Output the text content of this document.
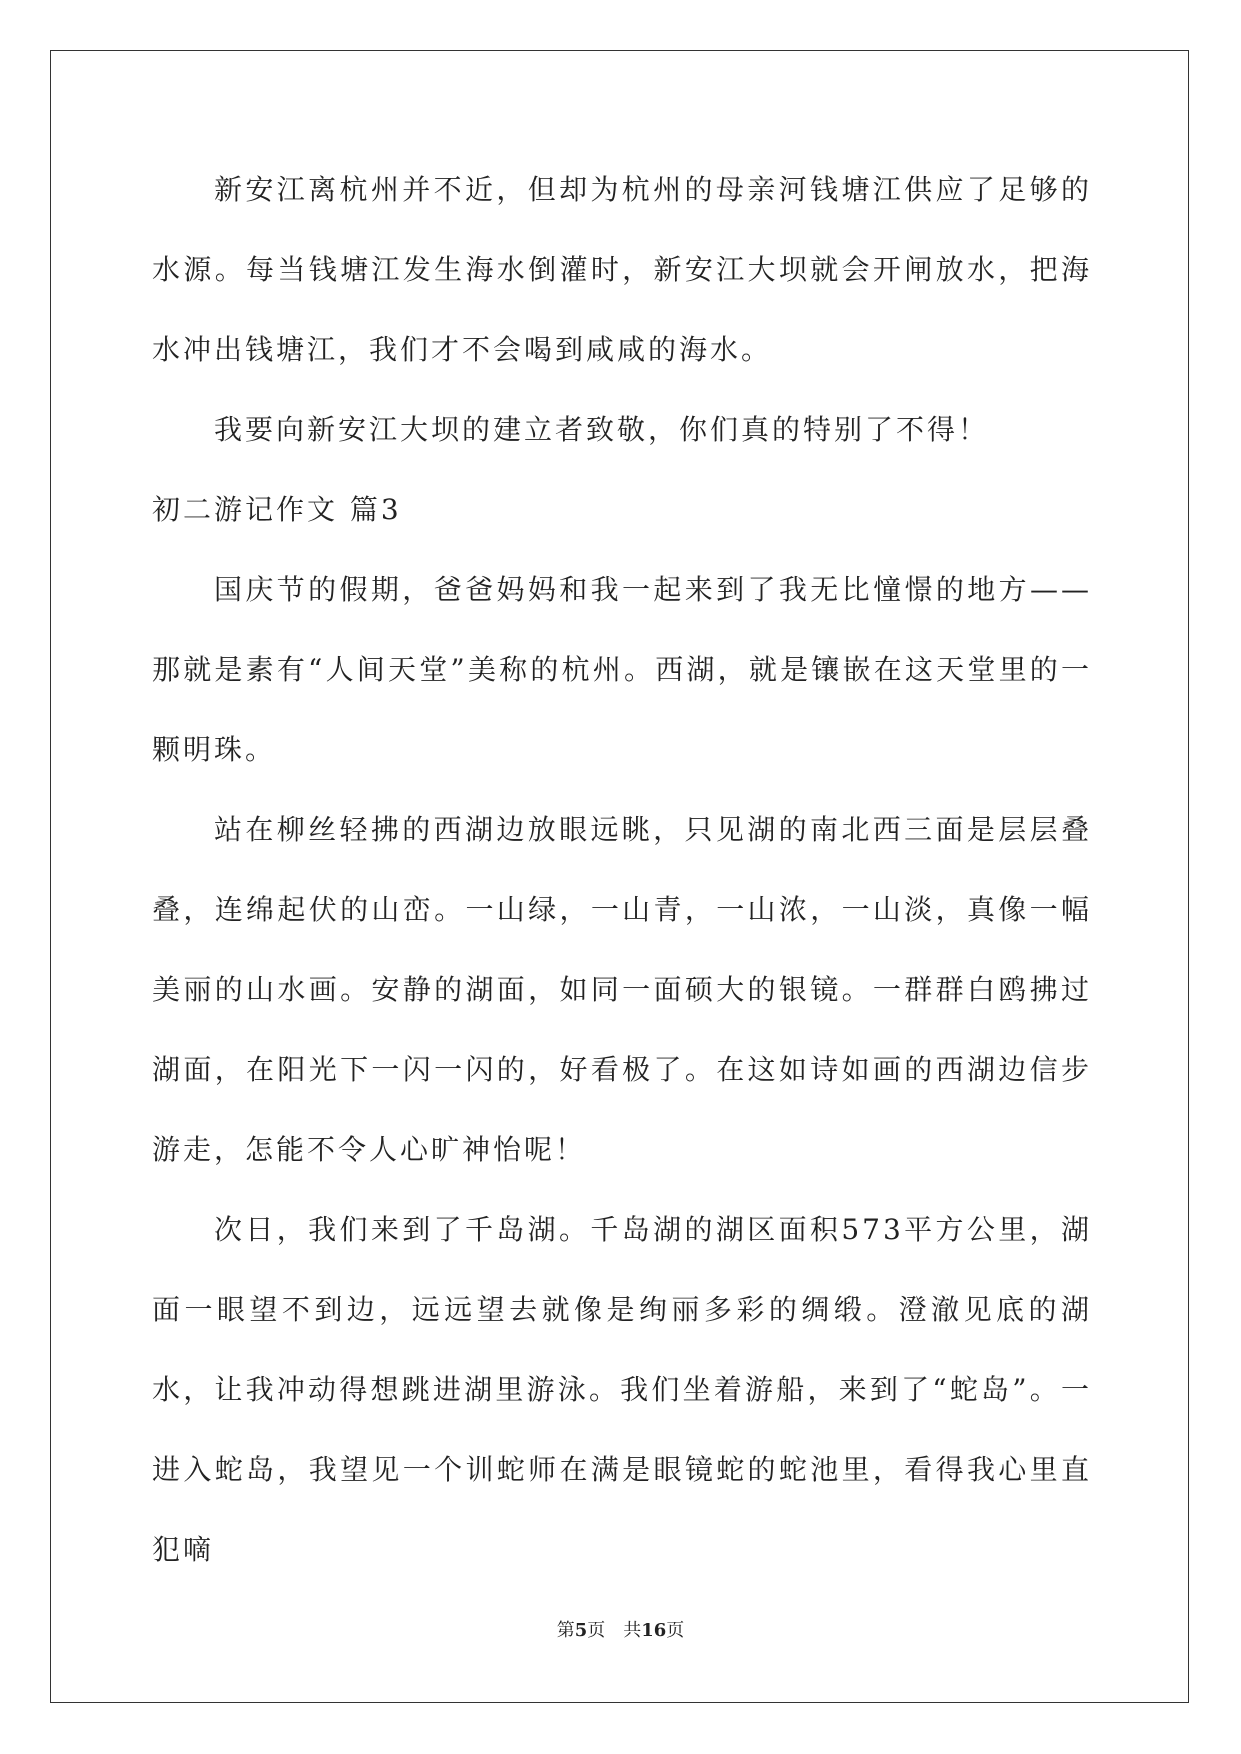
新安江离杭州并不近，但却为杭州的母亲河钱塘江供应了足够的水源。每当钱塘江发生海水倒灌时，新安江大坝就会开闸放水，把海水冲出钱塘江，我们才不会喝到咸咸的海水。

我要向新安江大坝的建立者致敬，你们真的特别了不得！

初二游记作文 篇3

国庆节的假期，爸爸妈妈和我一起来到了我无比憧憬的地方——那就是素有“人间天堂”美称的杭州。西湖，就是镶嵌在这天堂里的一颗明珠。

站在柳丝轻拂的西湖边放眼远眺，只见湖的南北西三面是层层叠叠，连绵起伏的山峦。一山绿，一山青，一山浓，一山淡，真像一幅美丽的山水画。安静的湖面，如同一面硕大的银镜。一群群白鸥拂过湖面，在阳光下一闪一闪的，好看极了。在这如诗如画的西湖边信步游走，怎能不令人心旷神怡呢！

次日，我们来到了千岛湖。千岛湖的湖区面积573平方公里，湖面一眼望不到边，远远望去就像是绚丽多彩的绸缎。澄澈见底的湖水，让我冲动得想跳进湖里游泳。我们坐着游船，来到了“蛇岛”。一进入蛇岛，我望见一个训蛇师在满是眼镜蛇的蛇池里，看得我心里直犯嘀

第5页 共16页
